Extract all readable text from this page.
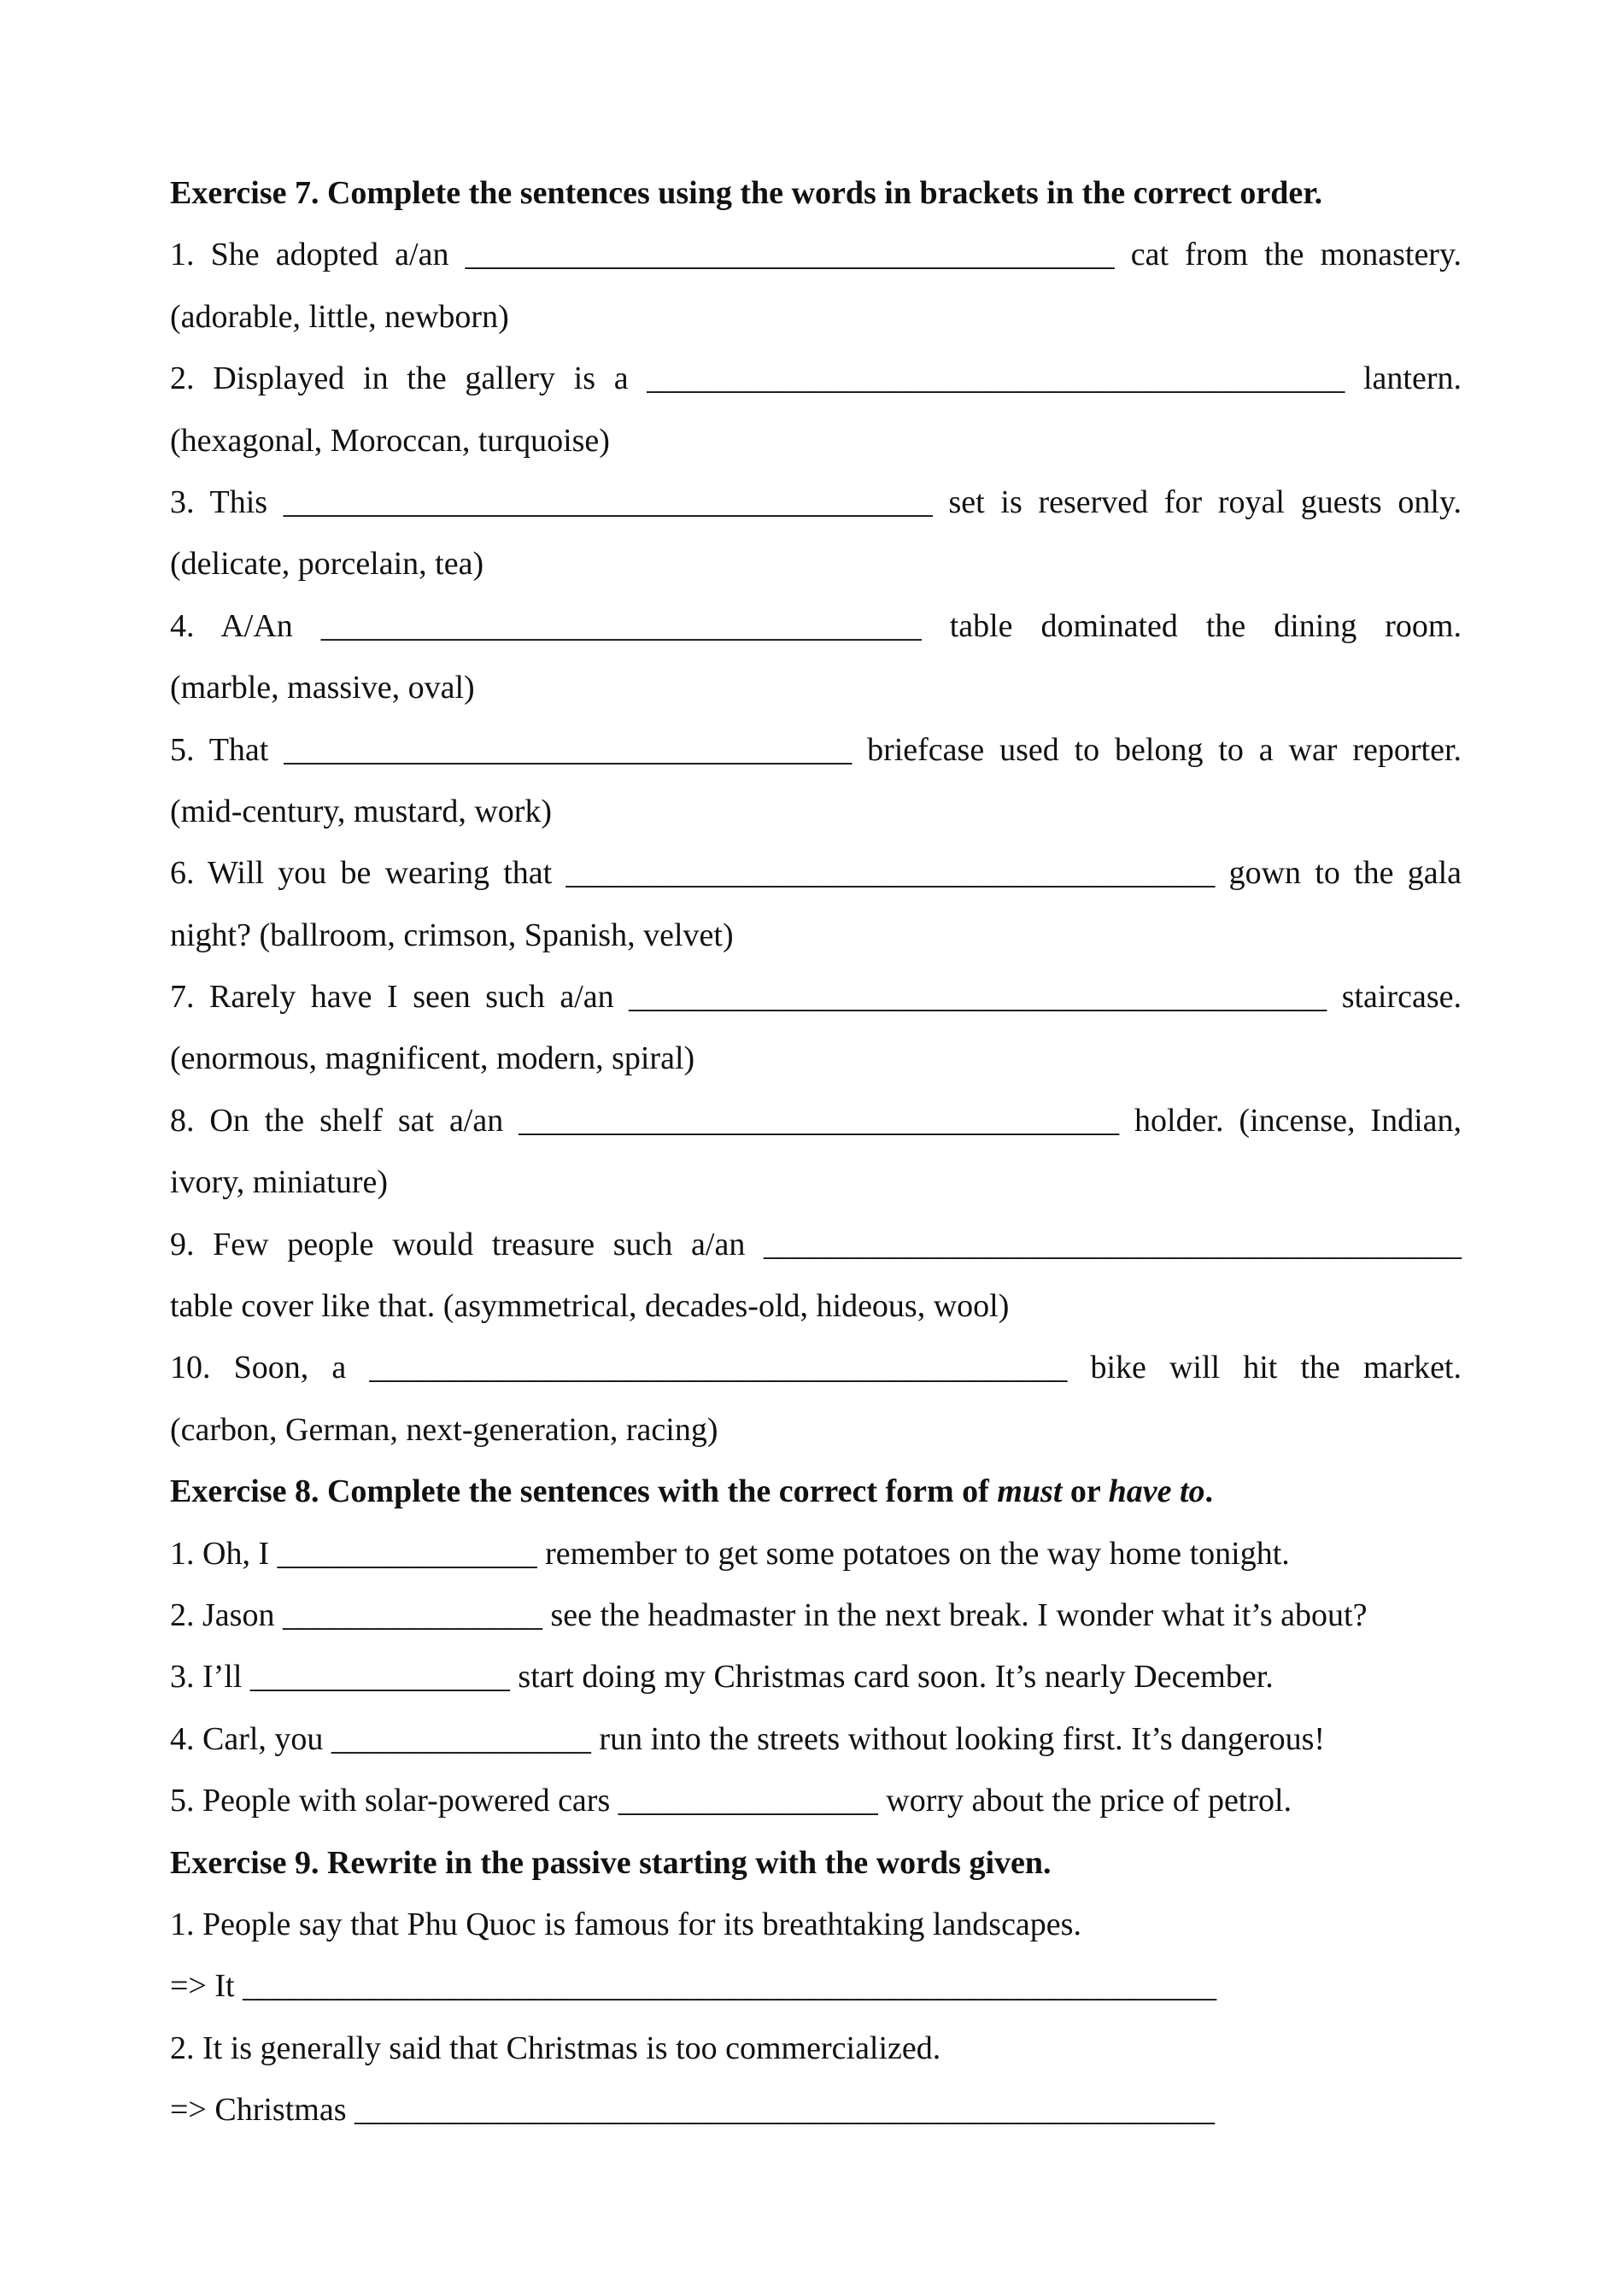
Exercise 7. Complete the sentences using the words in brackets in the correct order.
1. She adopted a/an ________________________________________ cat from the monastery.
(adorable, little, newborn)
2. Displayed in the gallery is a ___________________________________________ lantern.
(hexagonal, Moroccan, turquoise)
3. This ________________________________________ set is reserved for royal guests only.
(delicate, porcelain, tea)
4. A/An _____________________________________ table dominated the dining room.
(marble, massive, oval)
5. That ___________________________________ briefcase used to belong to a war reporter.
(mid-century, mustard, work)
6. Will you be wearing that ________________________________________ gown to the gala
night? (ballroom, crimson, Spanish, velvet)
7. Rarely have I seen such a/an ___________________________________________ staircase.
(enormous, magnificent, modern, spiral)
8. On the shelf sat a/an _____________________________________ holder. (incense, Indian,
ivory, miniature)
9. Few people would treasure such a/an ___________________________________________
table cover like that. (asymmetrical, decades-old, hideous, wool)
10. Soon, a ___________________________________________ bike will hit the market.
(carbon, German, next-generation, racing)
Exercise 8. Complete the sentences with the correct form of must or have to.
1. Oh, I ________________ remember to get some potatoes on the way home tonight.
2. Jason ________________ see the headmaster in the next break. I wonder what it’s about?
3. I’ll ________________ start doing my Christmas card soon. It’s nearly December.
4. Carl, you ________________ run into the streets without looking first. It’s dangerous!
5. People with solar-powered cars ________________ worry about the price of petrol.
Exercise 9. Rewrite in the passive starting with the words given.
1. People say that Phu Quoc is famous for its breathtaking landscapes.
=> It ____________________________________________________________
2. It is generally said that Christmas is too commercialized.
=> Christmas _____________________________________________________
